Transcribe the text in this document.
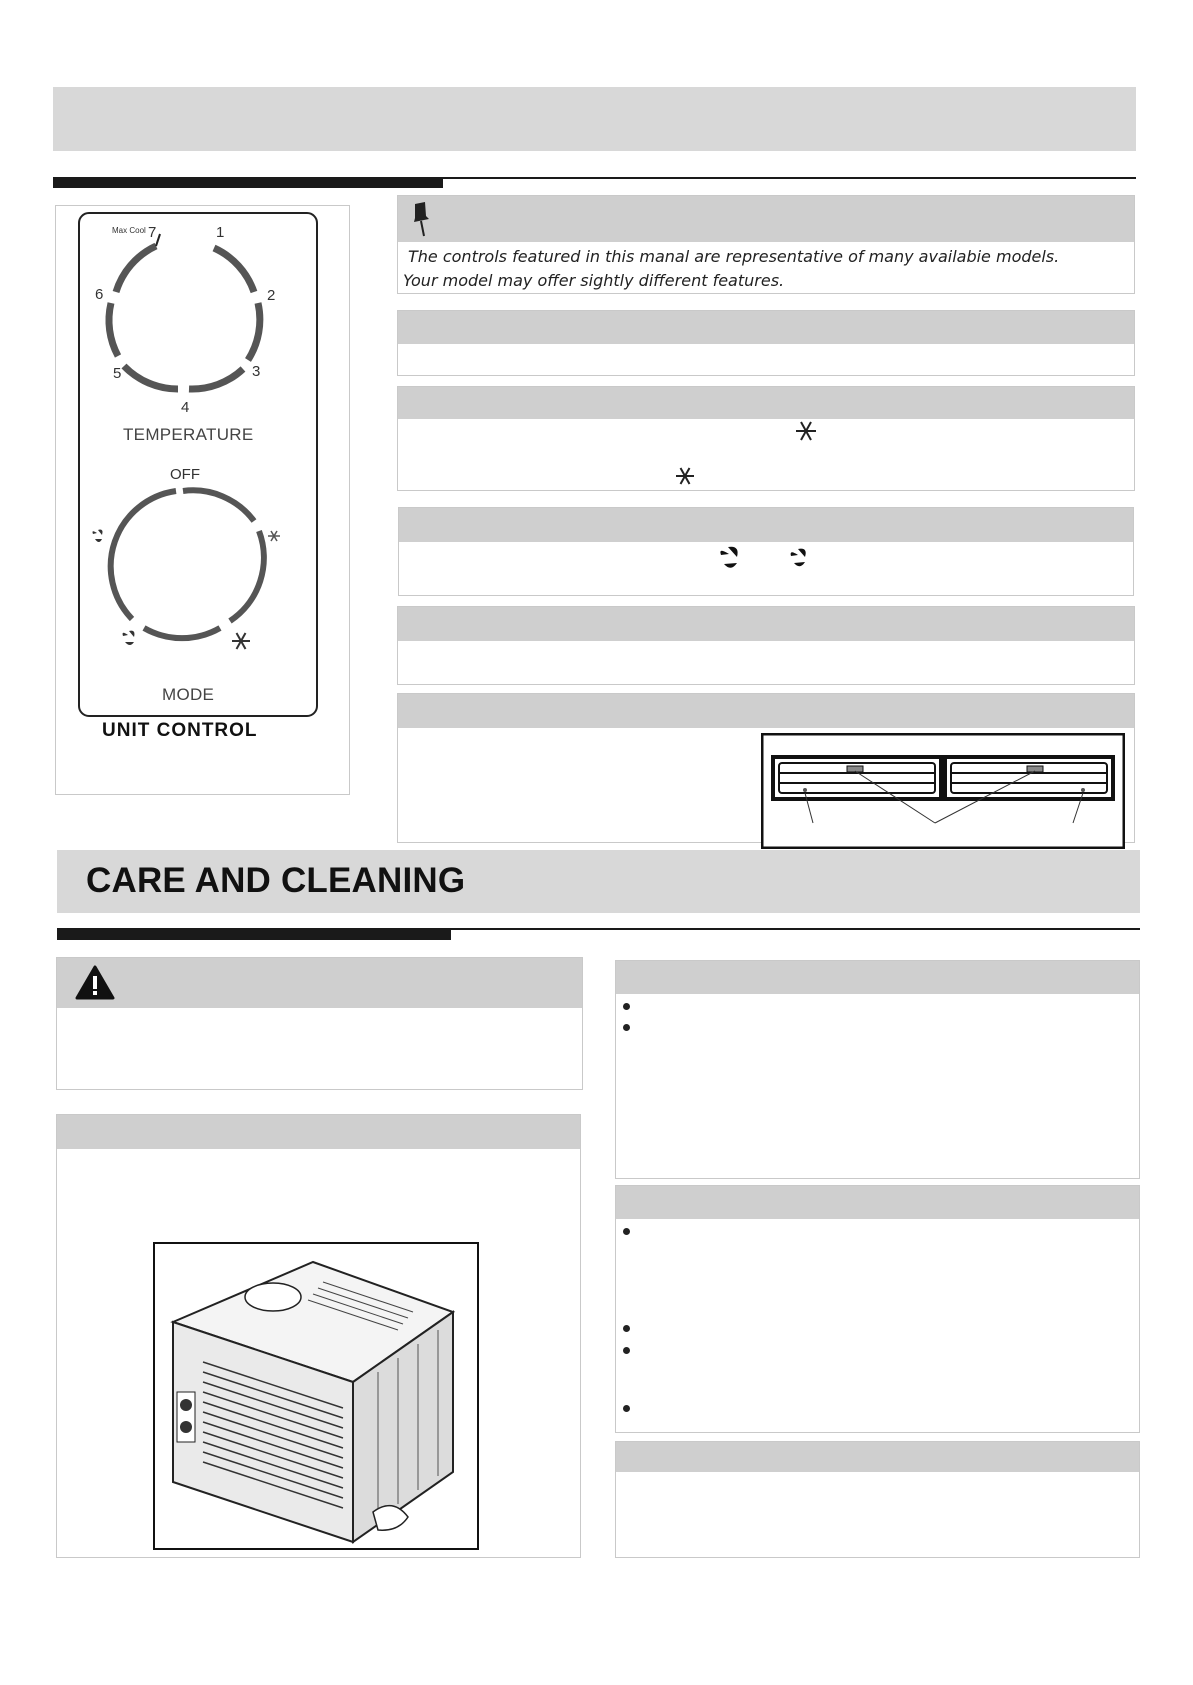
Max Cool 7	1
2
3
4
5
6
TEMPERATURE
OFF
MODE
UNIT CONTROL
The controls featured in this manal are representative of many availabie models.
Your model may offer sightly different features.
CARE AND CLEANING
